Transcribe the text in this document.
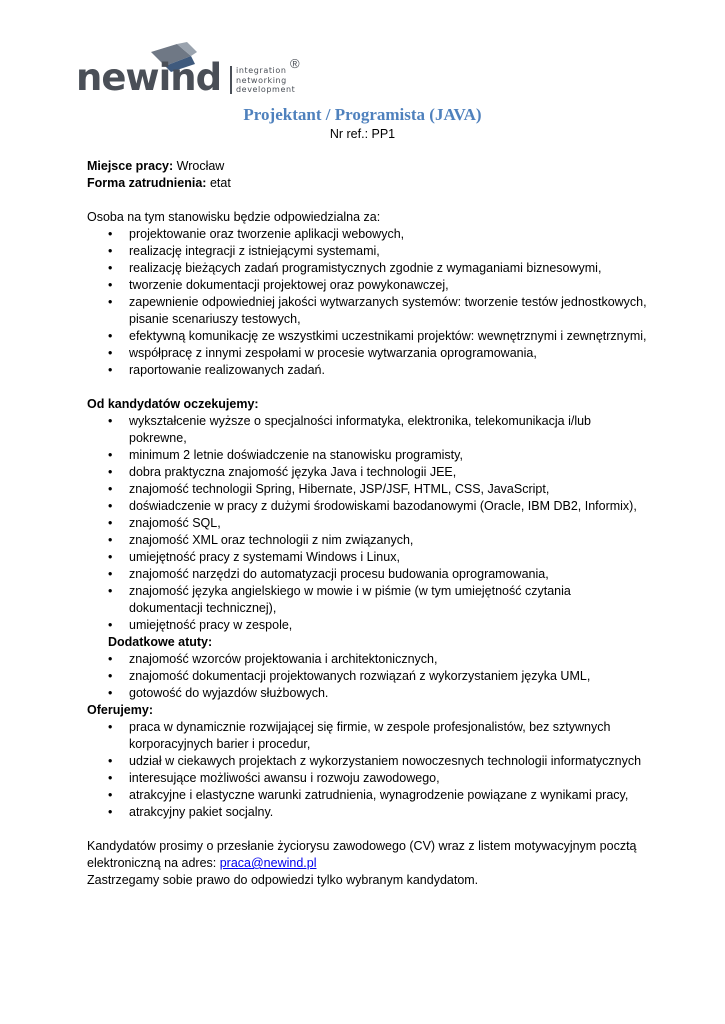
newind integration
networking
development
®
Projektant / Programista (JAVA)
Nr ref.: PP1

Miejsce pracy: Wrocław

Forma zatrudnienia: etat

Osoba na tym stanowisku będzie odpowiedzialna za:

• projektowanie oraz tworzenie aplikacji webowych,
• realizację integracji z istniejącymi systemami,
• realizację bieżących zadań programistycznych zgodnie z wymaganiami biznesowymi,
• tworzenie dokumentacji projektowej oraz powykonawczej,
• zapewnienie odpowiedniej jakości wytwarzanych systemów: tworzenie testów jednostkowych, pisanie scenariuszy testowych,
• efektywną komunikację ze wszystkimi uczestnikami projektów: wewnętrznymi i zewnętrznymi,
• współpracę z innymi zespołami w procesie wytwarzania oprogramowania,
• raportowanie realizowanych zadań.

Od kandydatów oczekujemy:

• wykształcenie wyższe o specjalności informatyka, elektronika, telekomunikacja i/lub pokrewne,
• minimum 2 letnie doświadczenie na stanowisku programisty,
• dobra praktyczna znajomość języka Java i technologii JEE,
• znajomość technologii Spring, Hibernate, JSP/JSF, HTML, CSS, JavaScript,
• doświadczenie w pracy z dużymi środowiskami bazodanowymi (Oracle, IBM DB2, Informix),
• znajomość SQL,
• znajomość XML oraz technologii z nim związanych,
• umiejętność pracy z systemami Windows i Linux,
• znajomość narzędzi do automatyzacji procesu budowania oprogramowania,
• znajomość języka angielskiego w mowie i w piśmie (w tym umiejętność czytania dokumentacji technicznej),
• umiejętność pracy w zespole,

Dodatkowe atuty:

• znajomość wzorców projektowania i architektonicznych,
• znajomość dokumentacji projektowanych rozwiązań z wykorzystaniem języka UML,
• gotowość do wyjazdów służbowych.

Oferujemy:

• praca w dynamicznie rozwijającej się firmie, w zespole profesjonalistów, bez sztywnych korporacyjnych barier i procedur,
• udział w ciekawych projektach z wykorzystaniem nowoczesnych technologii informatycznych
• interesujące możliwości awansu i rozwoju zawodowego,
• atrakcyjne i elastyczne warunki zatrudnienia, wynagrodzenie powiązane z wynikami pracy,
• atrakcyjny pakiet socjalny.

Kandydatów prosimy o przesłanie życiorysu zawodowego (CV) wraz z listem motywacyjnym pocztą elektroniczną na adres: praca@newind.pl

Zastrzegamy sobie prawo do odpowiedzi tylko wybranym kandydatom.
